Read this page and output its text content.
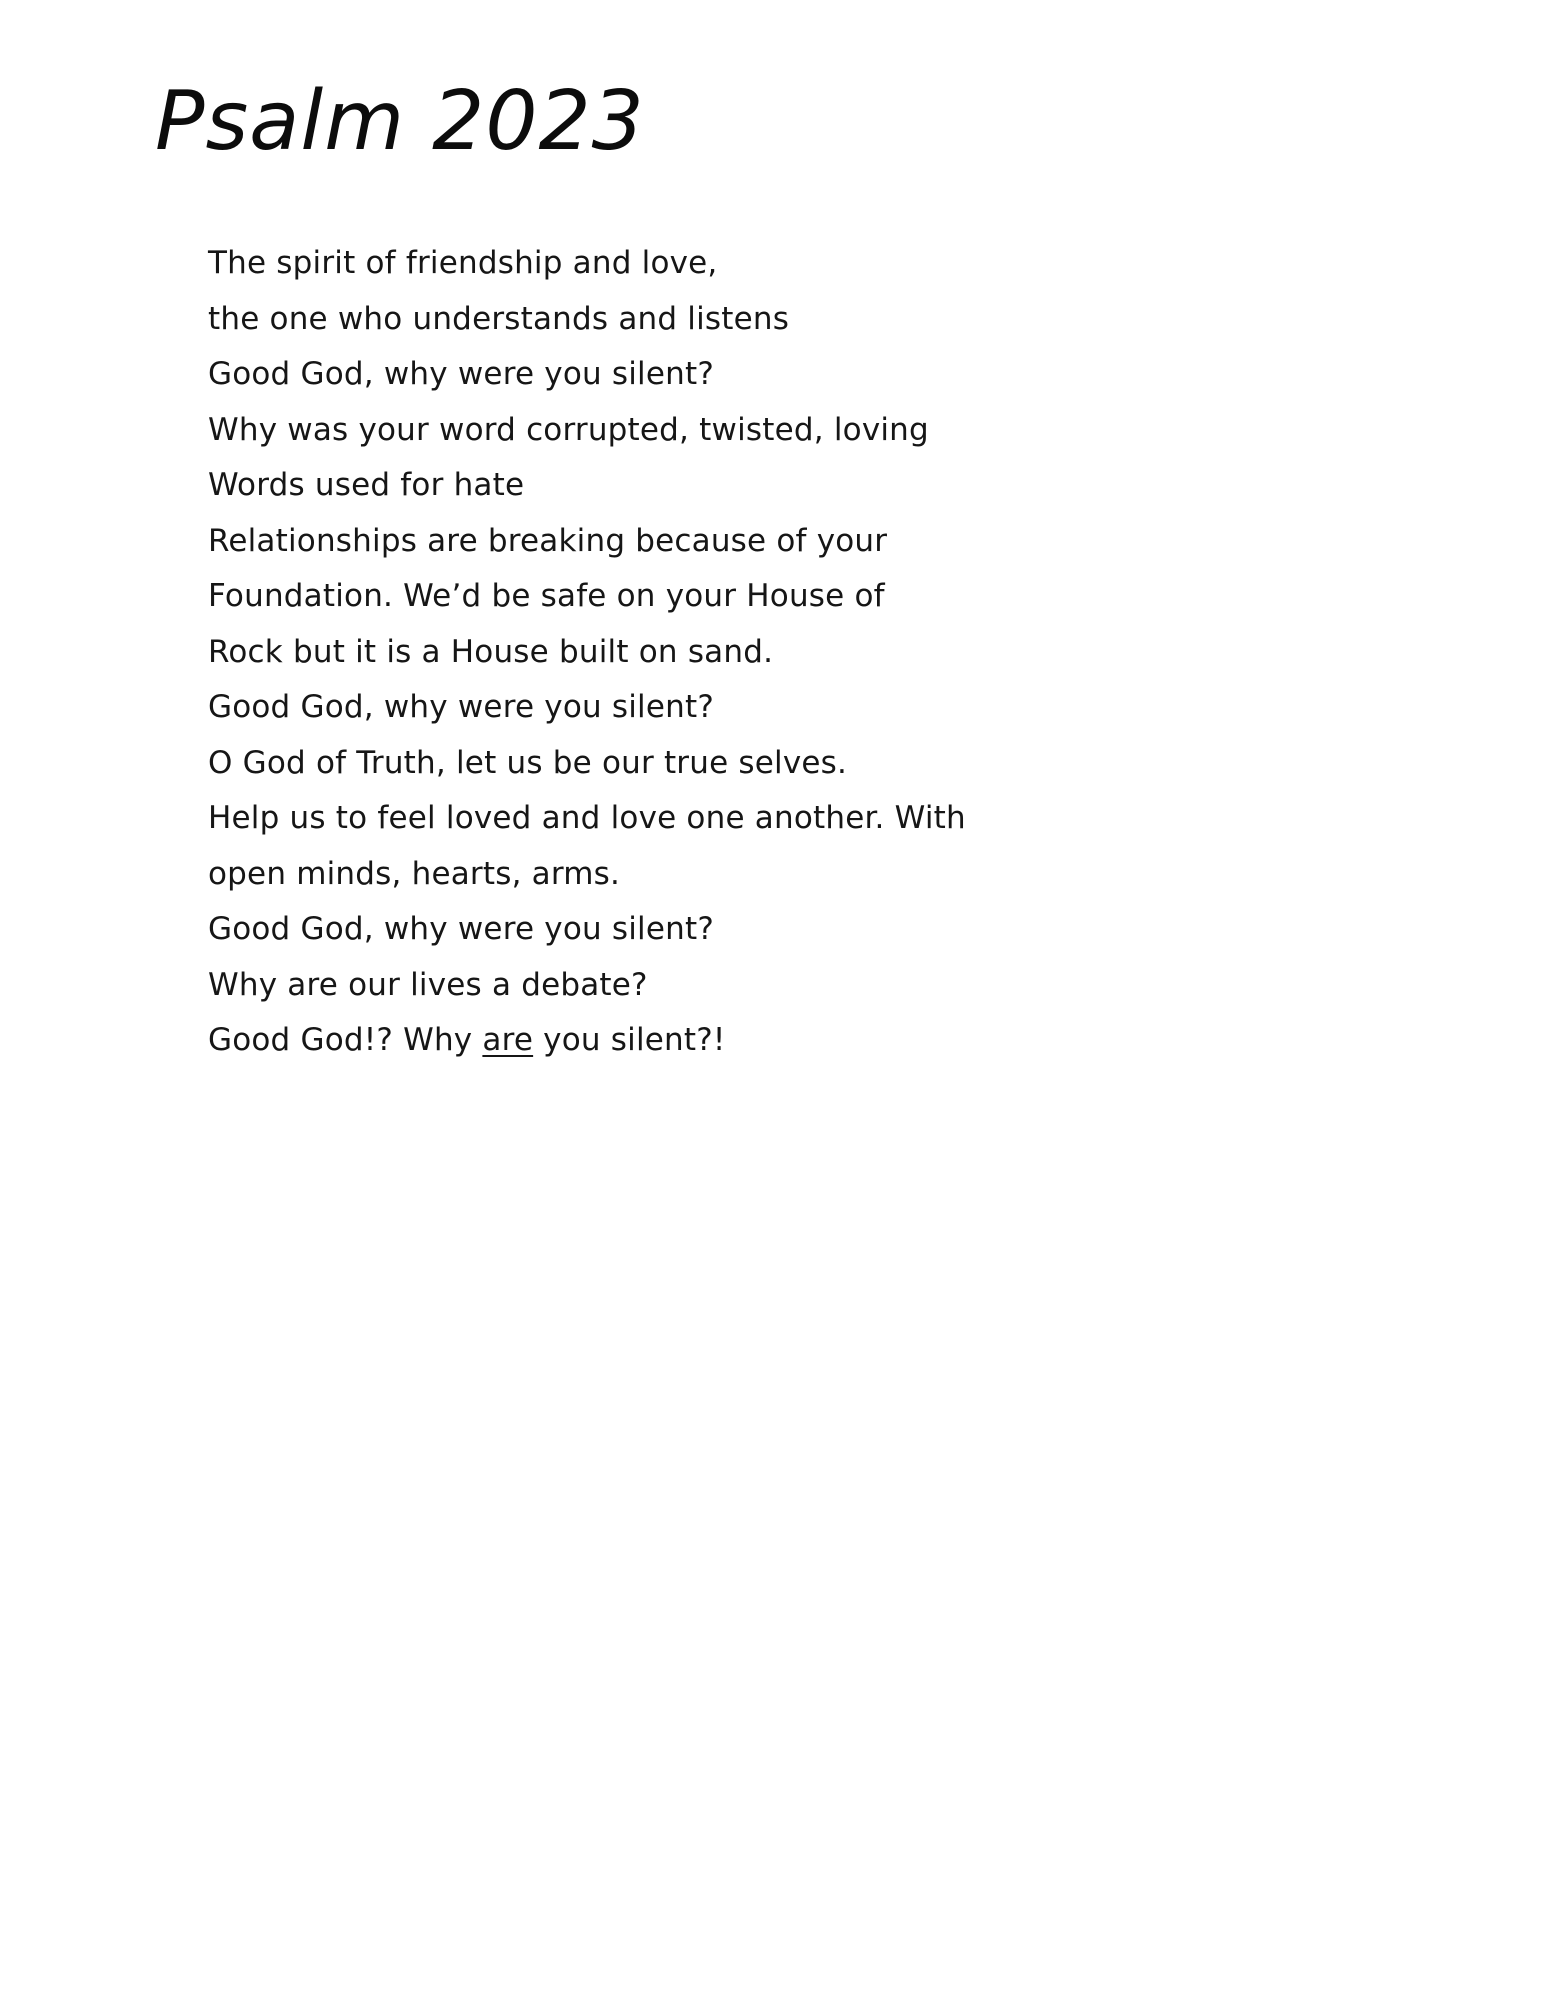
Psalm 2023
The spirit of friendship and love,
the one who understands and listens
Good God, why were you silent?
Why was your word corrupted, twisted, loving
Words used for hate
Relationships are breaking because of your
Foundation. We’d be safe on your House of
Rock but it is a House built on sand.
Good God, why were you silent?
O God of Truth, let us be our true selves.
Help us to feel loved and love one another. With
open minds, hearts, arms.
Good God, why were you silent?
Why are our lives a debate?
Good God!? Why are you silent?!
